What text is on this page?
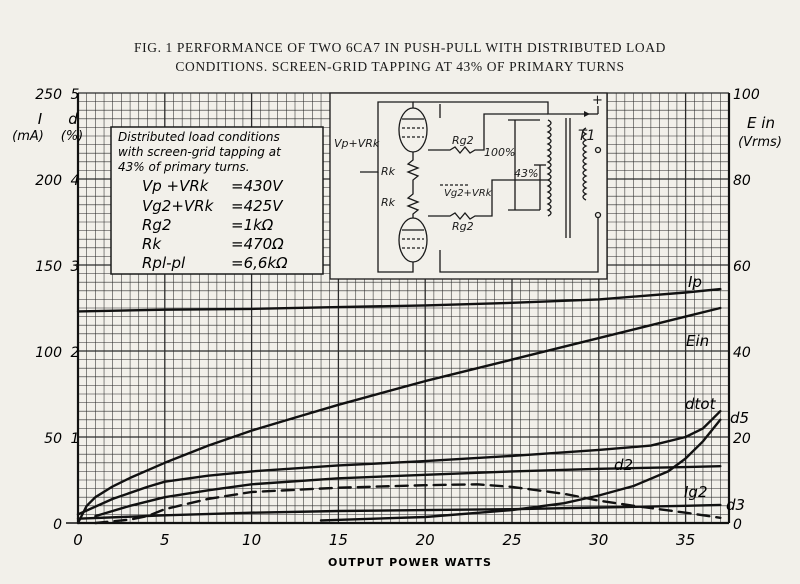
FIG. 1 PERFORMANCE OF TWO 6CA7 IN PUSH-PULL WITH DISTRIBUTED LOAD
CONDITIONS. SCREEN-GRID TAPPING AT 43% OF PRIMARY TURNS
0	5	10	15	20	25	30	35
0
50
100
150
200
250
1
2
3
4
5
0
20
40
60
80
100
Ip
Ein
dtot
d5
d2
Ig2
d3
I
(mA)
d
(%)
E in
(Vrms)
OUTPUT POWER WATTS
Distributed load conditions
with screen-grid tapping at
43% of primary turns.
Vp +VRk =430V
Vg2+VRk =425V
Rg2	=1kΩ
Rk	=470Ω
Rpl-pl	=6,6kΩ
Vp+VRk
Rk
Rk
Rg2
Rg2
Vg2+VRk
100%
43%
T1
+
